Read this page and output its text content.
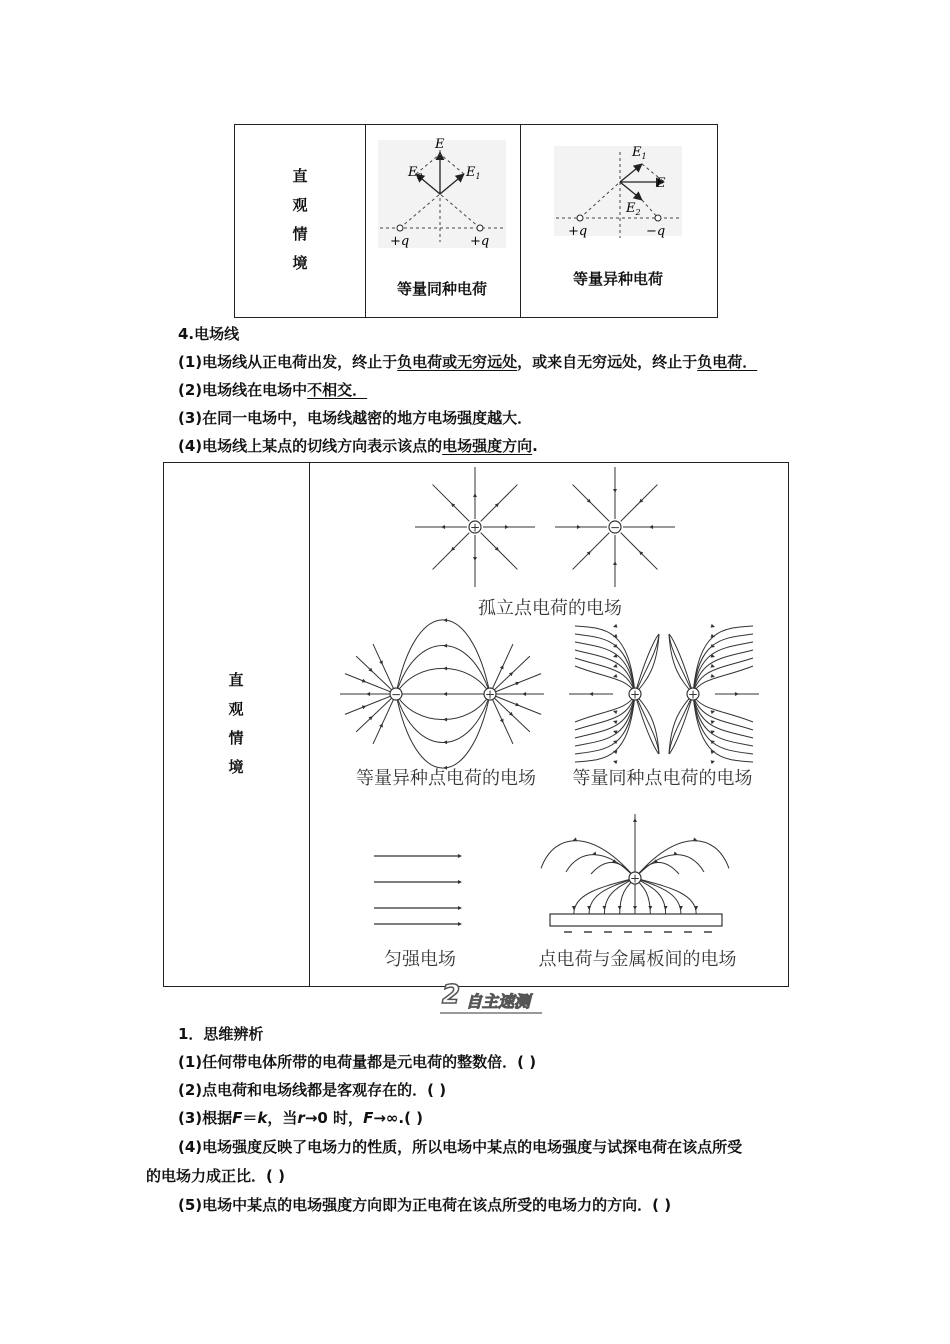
直
观
情
境
E
$E_2$	$E_1$
+q	+q
等量同种电荷
$E_1$
E
$E_2$
+q	−q
等量异种电荷
4.电场线
(1)电场线从正电荷出发，终止于负电荷或无穷远处，或来自无穷远处，终止于负电荷．
(2)电场线在电场中不相交．
(3)在同一电场中，电场线越密的地方电场强度越大．
(4)电场线上某点的切线方向表示该点的电场强度方向.
直
观
情
境
+	−
孤立点电荷的电场
−	+
等量异种点电荷的电场
+	+
等量同种点电荷的电场
匀强电场
+
点电荷与金属板间的电场
2 自主速测
1．思维辨析
(1)任何带电体所带的电荷量都是元电荷的整数倍．( )
(2)点电荷和电场线都是客观存在的．( )
(3)根据F＝k，当r→0 时，F→∞.( )
(4)电场强度反映了电场力的性质，所以电场中某点的电场强度与试探电荷在该点所受
的电场力成正比．( )
(5)电场中某点的电场强度方向即为正电荷在该点所受的电场力的方向．( )
